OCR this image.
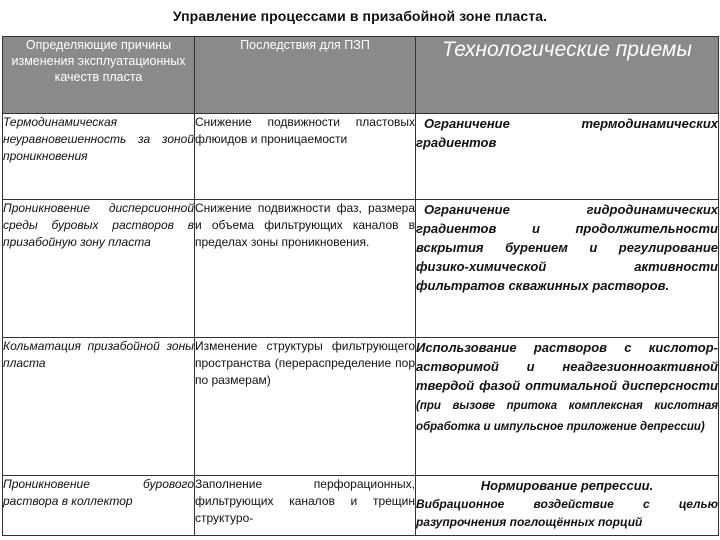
Управление процессами в призабойной зоне пласта.
Определяющие причины изменения эксплуатационных качеств пласта	Последствия для ПЗП	Технологические приемы
Термодинамическая неуравновешенность за зоной проникновения	Снижение подвижности пластовых флюидов и проницаемости	Ограничение термодинамических градиентов
Проникновение дисперсионной среды буровых растворов в призабойную зону пласта	Снижение подвижности фаз, размера и объема фильтрующих каналов в пределах зоны проникновения.	Ограничение гидродинамических градиентов и продолжительности вскрытия бурением и регулирование физико-химической активности фильтратов скважинных растворов.
Кольматация призабойной зоны пласта	Изменение структуры фильтрующего пространства (перераспределение пор по размерам)	Использование растворов с кислотор-астворимой и неадгезионноактивной твердой фазой оптимальной дисперсности (при вызове притока комплексная кислотная обработка и импульсное приложение депрессии)
Проникновение бурового раствора в коллектор	Заполнение перфорационных, фильтрующих каналов и трещин структуро-	Нормирование репрессии.
Вибрационное воздействие с целью разупрочнения поглощённых порций
